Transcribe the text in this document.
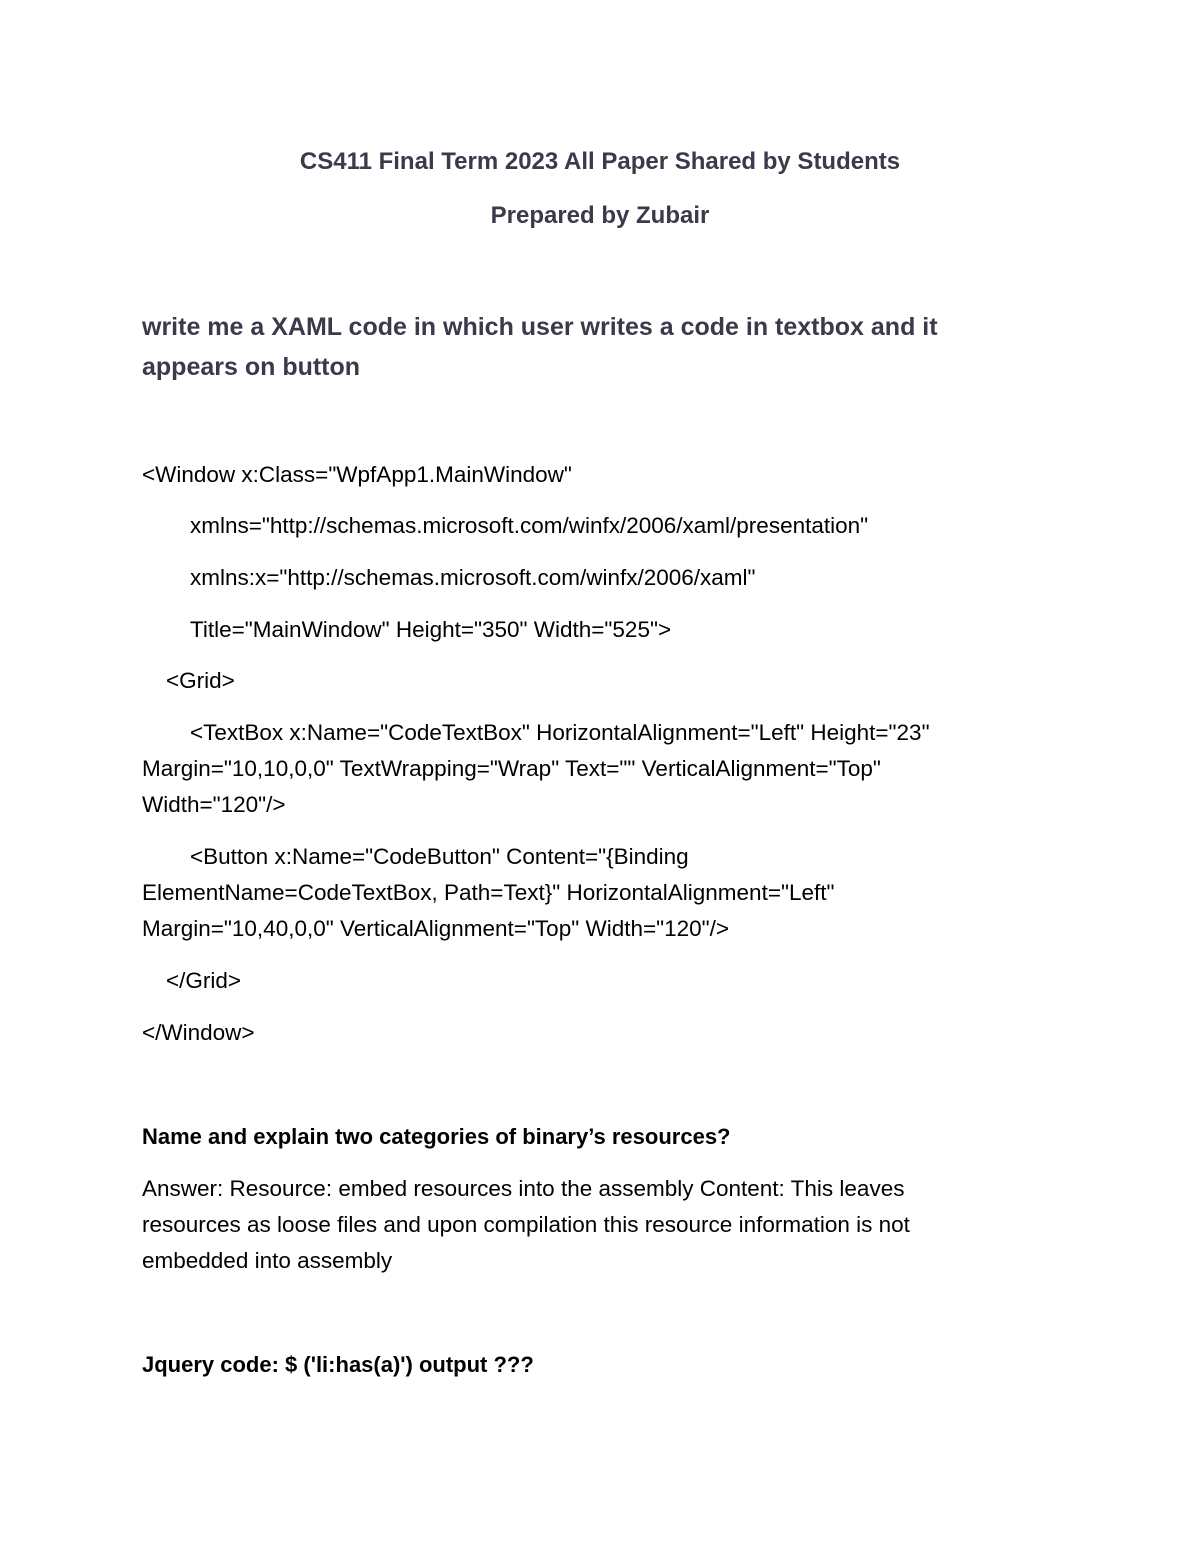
CS411 Final Term 2023 All Paper Shared by Students
Prepared by Zubair
write me a XAML code in which user writes a code in textbox and it
appears on button
<Window x:Class="WpfApp1.MainWindow"
xmlns="http://schemas.microsoft.com/winfx/2006/xaml/presentation"
xmlns:x="http://schemas.microsoft.com/winfx/2006/xaml"
Title="MainWindow" Height="350" Width="525">
<Grid>
<TextBox x:Name="CodeTextBox" HorizontalAlignment="Left" Height="23"
Margin="10,10,0,0" TextWrapping="Wrap" Text="" VerticalAlignment="Top"
Width="120"/>
<Button x:Name="CodeButton" Content="{Binding
ElementName=CodeTextBox, Path=Text}" HorizontalAlignment="Left"
Margin="10,40,0,0" VerticalAlignment="Top" Width="120"/>
</Grid>
</Window>
Name and explain two categories of binary’s resources?
Answer: Resource: embed resources into the assembly Content: This leaves
resources as loose files and upon compilation this resource information is not
embedded into assembly
Jquery code: $ ('li:has(a)') output ???
